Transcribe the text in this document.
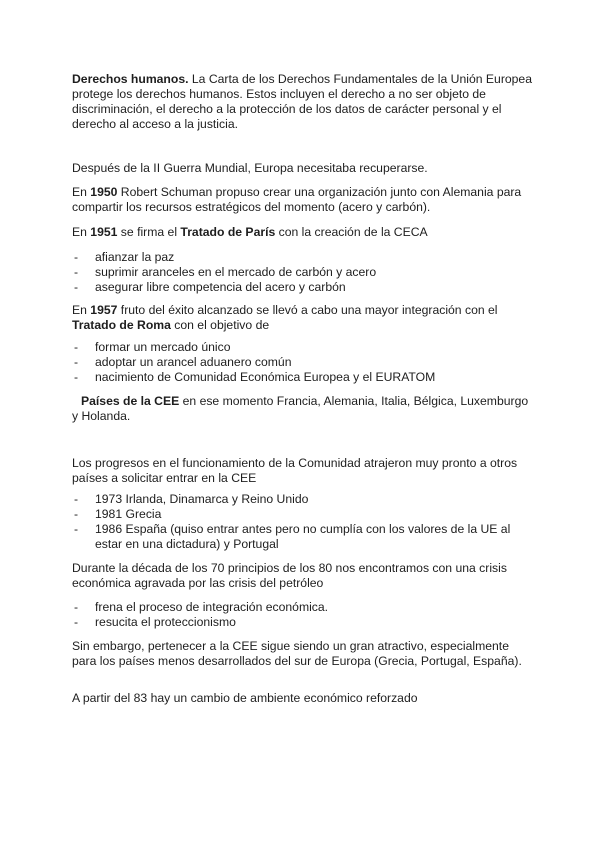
Derechos humanos. La Carta de los Derechos Fundamentales de la Unión Europea protege los derechos humanos. Estos incluyen el derecho a no ser objeto de discriminación, el derecho a la protección de los datos de carácter personal y el derecho al acceso a la justicia.

Después de la II Guerra Mundial, Europa necesitaba recuperarse.

En 1950 Robert Schuman propuso crear una organización junto con Alemania para compartir los recursos estratégicos del momento (acero y carbón).

En 1951 se firma el Tratado de París con la creación de la CECA

- afianzar la paz
- suprimir aranceles en el mercado de carbón y acero
- asegurar libre competencia del acero y carbón

En 1957 fruto del éxito alcanzado se llevó a cabo una mayor integración con el Tratado de Roma con el objetivo de

- formar un mercado único
- adoptar un arancel aduanero común
- nacimiento de Comunidad Económica Europea y el EURATOM

Países de la CEE en ese momento Francia, Alemania, Italia, Bélgica, Luxemburgo y Holanda.

Los progresos en el funcionamiento de la Comunidad atrajeron muy pronto a otros países a solicitar entrar en la CEE

- 1973 Irlanda, Dinamarca y Reino Unido
- 1981 Grecia
- 1986 España (quiso entrar antes pero no cumplía con los valores de la UE al estar en una dictadura) y Portugal

Durante la década de los 70 principios de los 80 nos encontramos con una crisis económica agravada por las crisis del petróleo

- frena el proceso de integración económica.
- resucita el proteccionismo

Sin embargo, pertenecer a la CEE sigue siendo un gran atractivo, especialmente para los países menos desarrollados del sur de Europa (Grecia, Portugal, España).

A partir del 83 hay un cambio de ambiente económico reforzado
